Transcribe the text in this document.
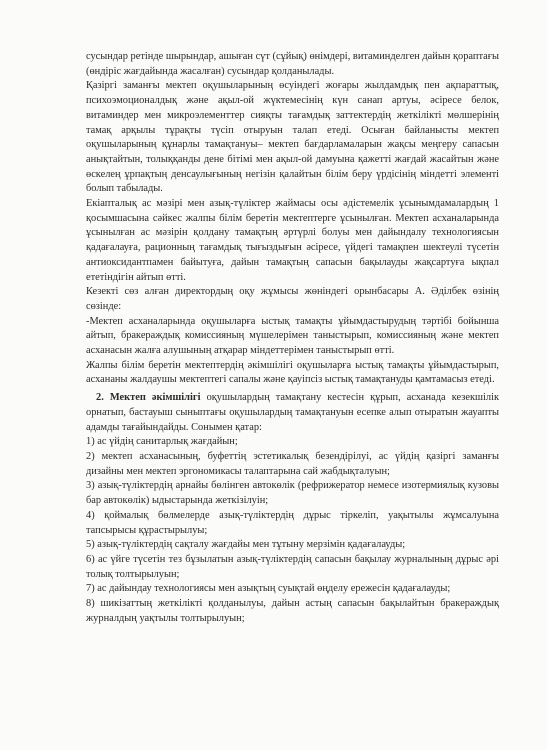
сусындар ретінде шырындар, ашыған сүт (сұйық) өнімдері, витаминделген дайын қораптағы (өндіріс жағдайында жасалған) сусындар қолданылады.

Қазіргі заманғы мектеп оқушыларының өсуіндегі жоғары жылдамдық пен ақпараттық, психоэмоционалдық және ақыл-ой жүктемесінің күн санап артуы, әсіресе белок, витаминдер мен микроэлементтер сияқты тағамдық заттектердің жеткілікті мөлшерінің тамақ арқылы тұрақты түсіп отыруын талап етеді. Осыған байланысты мектеп оқушыларының құнарлы тамақтануы– мектеп бағдарламаларын жақсы меңгеру сапасын анықтайтын, толыққанды дене бітімі мен ақыл-ой дамуына қажетті жағдай жасайтын және өскелең ұрпақтың денсаулығының негізін қалайтын білім беру үрдісінің міндетті элементі болып табылады.

Екіапталық ас мәзірі мен азық-түліктер жаймасы осы әдістемелік ұсынымдамалардың 1 қосымшасына сәйкес жалпы білім беретін мектептерге ұсынылған. Мектеп асханаларында ұсынылған ас мәзірін қолдану тамақтың әртүрлі болуы мен дайындалу технологиясын қадағалауға, рационның тағамдық тығыздығын әсіресе, үйдегі тамақпен шектеулі түсетін антиоксидантпамен байытуға, дайын тамақтың сапасын бақылауды жақсартуға ықпал ететіндігін айтып өтті.

Кезекті сөз алған директордың оқу жұмысы жөніндегі орынбасары А. Әділбек өзінің сөзінде:

-Мектеп асханаларында оқушыларға ыстық тамақты ұйымдастырудың тәртібі бойынша айтып, бракераждық комиссияның мүшелерімен таныстырып, комиссияның және мектеп асханасын жалға алушының атқарар міндеттерімен таныстырып өтті.

Жалпы білім беретін мектептердің әкімшілігі оқушыларға ыстық тамақты ұйымдастырып, асхананы жалдаушы мектептегі сапалы және қауіпсіз ыстық тамақтануды қамтамасыз етеді.

2. Мектеп әкімшілігі оқушылардың тамақтану кестесін құрып, асханада кезекшілік орнатып, бастауыш сыныптағы оқушылардың тамақтануын есепке алып отыратын жауапты адамды тағайындайды. Сонымен қатар:

1) ас үйдің санитарлық жағдайын;

2) мектеп асханасының, буфеттің эстетикалық безендірілуі, ас үйдің қазіргі заманғы дизайны мен мектеп эргономикасы талаптарына сай жабдықталуын;

3) азық-түліктердің арнайы бөлінген автокөлік (рефрижератор немесе изотермиялық кузовы бар автокөлік) ыдыстарында жеткізілуін;

4) қоймалық бөлмелерде азық-түліктердің дұрыс тіркеліп, уақытылы жұмсалуына тапсырысы құрастырылуы;

5) азық-түліктердің сақталу жағдайы мен тұтыну мерзімін қадағалауды;

6) ас үйге түсетін тез бұзылатын азық-түліктердің сапасын бақылау журналының дұрыс әрі толық толтырылуын;

7) ас дайындау технологиясы мен азықтың суықтай өңделу ережесін қадағалауды;

8) шикізаттың жеткілікті қолданылуы, дайын астың сапасын бақылайтын бракераждық журналдың уақтылы толтырылуын;
